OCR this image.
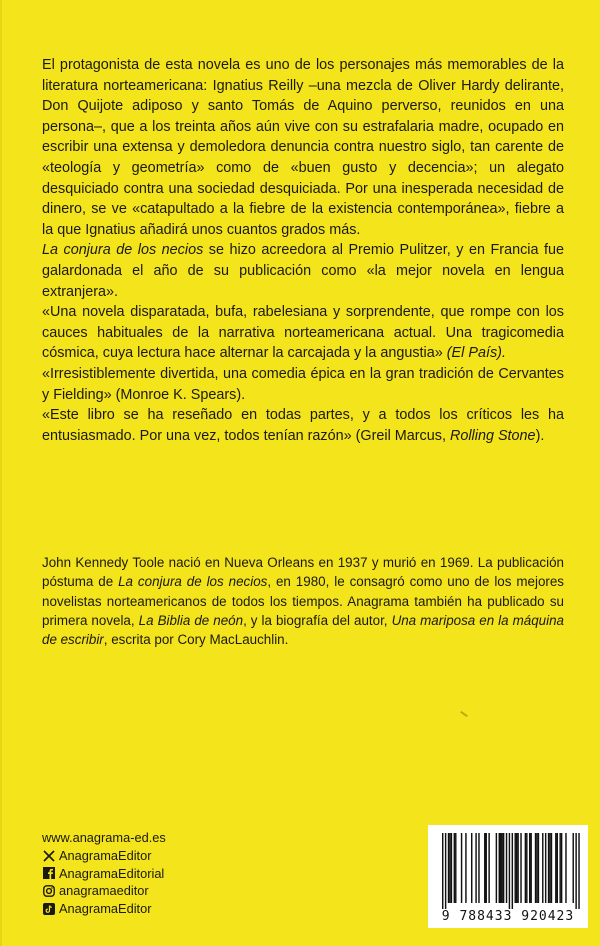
El protagonista de esta novela es uno de los personajes más memorables de la literatura norteamericana: Ignatius Reilly –una mezcla de Oliver Hardy delirante, Don Quijote adiposo y santo Tomás de Aquino perverso, reunidos en una persona–, que a los treinta años aún vive con su estrafalaria madre, ocupado en escribir una extensa y demoledora denuncia contra nuestro siglo, tan carente de «teología y geometría» como de «buen gusto y decencia»; un alegato desquiciado contra una sociedad desquiciada. Por una inesperada necesidad de dinero, se ve «catapultado a la fiebre de la existencia contemporánea», fiebre a la que Ignatius añadirá unos cuantos grados más.

La conjura de los necios se hizo acreedora al Premio Pulitzer, y en Francia fue galardonada el año de su publicación como «la mejor novela en lengua extranjera».

«Una novela disparatada, bufa, rabelesiana y sorprendente, que rompe con los cauces habituales de la narrativa norteamericana actual. Una tragicomedia cósmica, cuya lectura hace alternar la carcajada y la angustia» (El País).

«Irresistiblemente divertida, una comedia épica en la gran tradición de Cervantes y Fielding» (Monroe K. Spears).

«Este libro se ha reseñado en todas partes, y a todos los críticos les ha entusiasmado. Por una vez, todos tenían razón» (Greil Marcus, Rolling Stone).

John Kennedy Toole nació en Nueva Orleans en 1937 y murió en 1969. La publicación póstuma de La conjura de los necios, en 1980, le consagró como uno de los mejores novelistas norteamericanos de todos los tiempos. Anagrama también ha publicado su primera novela, La Biblia de neón, y la biografía del autor, Una mariposa en la máquina de escribir, escrita por Cory MacLauchlin.

www.anagrama-ed.es
AnagramaEditor
AnagramaEditorial
anagramaeditor
AnagramaEditor
9 788433 920423
